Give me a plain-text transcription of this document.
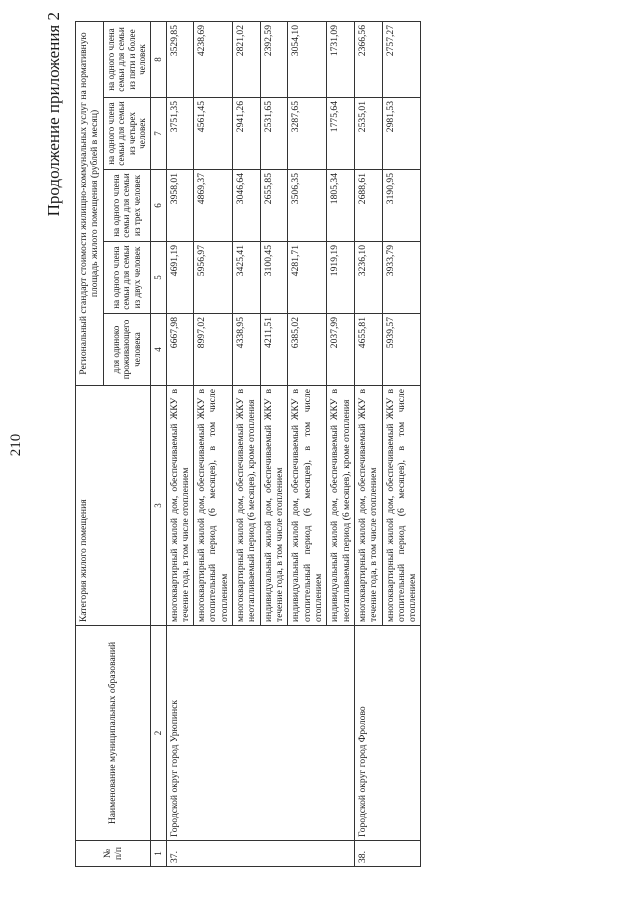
210
Продолжение приложения 2
№ п/п	Наименование муниципальных образований	Категория жилого помещения	Региональный стандарт стоимости жилищно-коммунальных услуг на нормативную площадь жилого помещения (рублей в месяц)				
			для одиноко проживающего человека	на одного члена семьи для семьи из двух человек	на одного члена семьи для семьи из трех человек	на одного члена семьи для семьи из четырех человек	на одного члена семьи для семьи из пяти и более человек
1	2	3	4	5	6	7	8
37.	Городской округ город Урюпинск	многоквартирный жилой дом, обеспечиваемый ЖКУ в течение года, в том числе отоплением	6667,98	4691,19	3958,01	3751,35	3529,85
		многоквартирный жилой дом, обеспечиваемый ЖКУ в отопительный период (6 месяцев), в том числе отоплением	8997,02	5956,97	4869,37	4561,45	4238,69
		многоквартирный жилой дом, обеспечиваемый ЖКУ в неотапливаемый период (6 месяцев), кроме отопления	4338,95	3425,41	3046,64	2941,26	2821,02
		индивидуальный жилой дом, обеспечиваемый ЖКУ в течение года, в том числе отоплением	4211,51	3100,45	2655,85	2531,65	2392,59
		индивидуальный жилой дом, обеспечиваемый ЖКУ в отопительный период (6 месяцев), в том числе отоплением	6385,02	4281,71	3506,35	3287,65	3054,10
		индивидуальный жилой дом, обеспечиваемый ЖКУ в неотапливаемый период (6 месяцев), кроме отопления	2037,99	1919,19	1805,34	1775,64	1731,09
38.	Городской округ город Фролово	многоквартирный жилой дом, обеспечиваемый ЖКУ в течение года, в том числе отоплением	4655,81	3236,10	2688,61	2535,01	2366,56
		многоквартирный жилой дом, обеспечиваемый ЖКУ в отопительный период (6 месяцев), в том числе отоплением	5939,57	3933,79	3190,95	2981,53	2757,27
